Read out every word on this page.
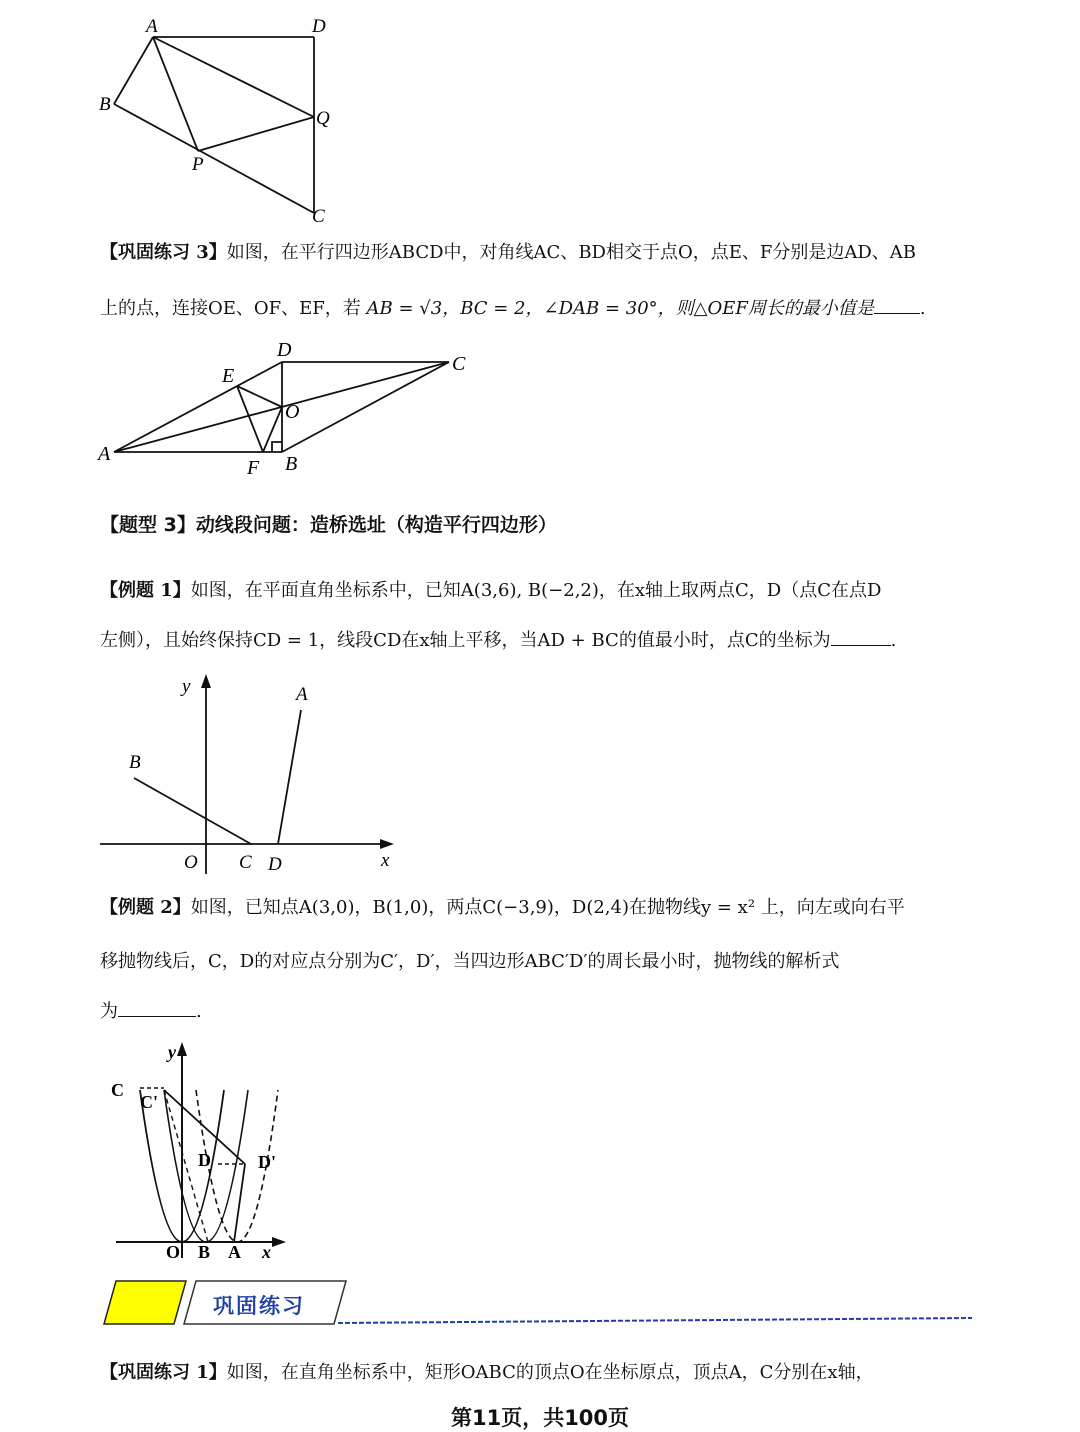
A	D
B
Q
P
C
【巩固练习 3】如图，在平行四边形ABCD中，对角线AC、BD相交于点O，点E、F分别是边AD、AB
上的点，连接OE、OF、EF，若 AB = √3，BC = 2，∠DAB = 30°，则△OEF周长的最小值是	.
D
C
E
O
A
F B
【题型 3】动线段问题：造桥选址（构造平行四边形）
【例题 1】如图，在平面直角坐标系中，已知A(3,6), B(−2,2)，在x轴上取两点C，D（点C在点D
左侧），且始终保持CD = 1，线段CD在x轴上平移，当AD + BC的值最小时，点C的坐标为	.
y	A
B
O C D	x
【例题 2】如图，已知点A(3,0)，B(1,0)，两点C(−3,9)，D(2,4)在抛物线y = x² 上，向左或向右平
移抛物线后，C，D的对应点分别为C′，D′，当四边形ABC′D′的周长最小时，抛物线的解析式
为	.
y
C
C'
D	D'
O B A x
巩固练习
【巩固练习 1】如图，在直角坐标系中，矩形OABC的顶点O在坐标原点，顶点A，C分别在x轴，
第11页，共100页
